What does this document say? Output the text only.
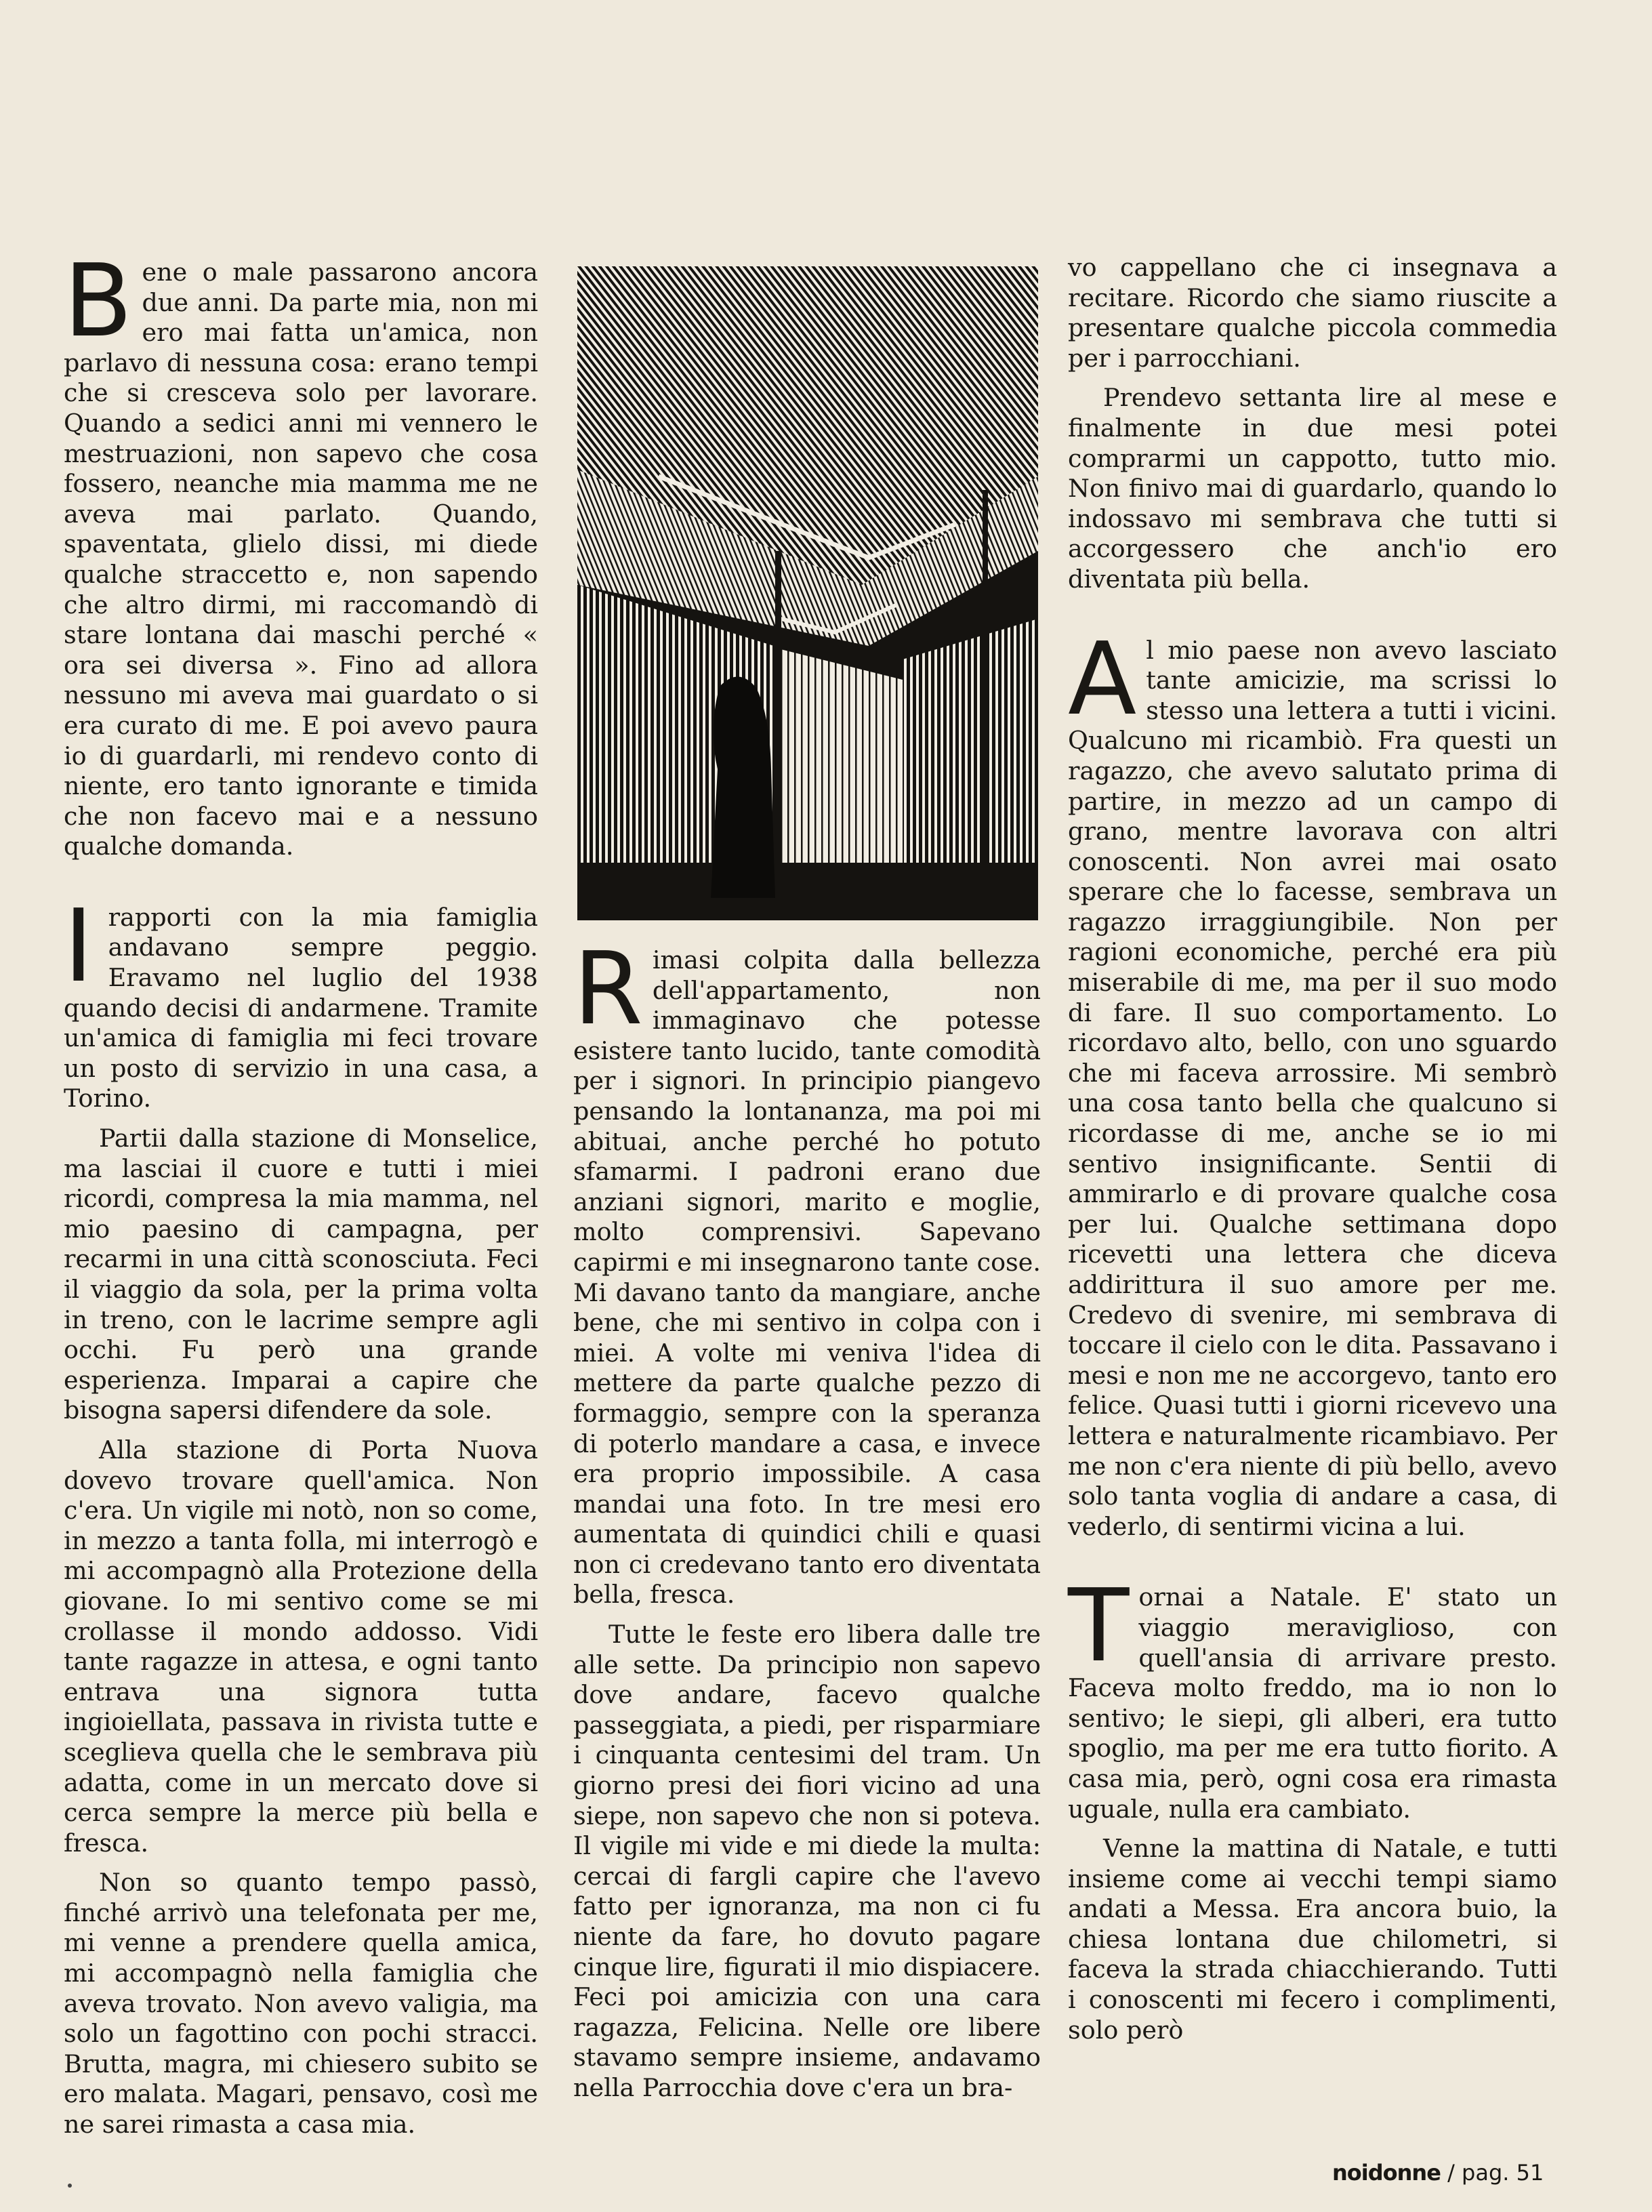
Bene o male passarono ancora due anni. Da parte mia, non mi ero mai fatta un'amica, non parlavo di nessuna cosa: erano tempi che si cresceva solo per lavorare. Quando a sedici anni mi vennero le mestruazioni, non sapevo che cosa fossero, neanche mia mamma me ne aveva mai parlato. Quando, spaventata, glielo dissi, mi diede qualche straccetto e, non sapendo che altro dirmi, mi raccomandò di stare lontana dai maschi perché « ora sei diversa ». Fino ad allora nessuno mi aveva mai guardato o si era curato di me. E poi avevo paura io di guardarli, mi rendevo conto di niente, ero tanto ignorante e timida che non facevo mai e a nessuno qualche domanda.

Irapporti con la mia famiglia andavano sempre peggio. Eravamo nel luglio del 1938 quando decisi di andarmene. Tramite un'amica di famiglia mi feci trovare un posto di servizio in una casa, a Torino.

Partii dalla stazione di Monselice, ma lasciai il cuore e tutti i miei ricordi, compresa la mia mamma, nel mio paesino di campagna, per recarmi in una città sconosciuta. Feci il viaggio da sola, per la prima volta in treno, con le lacrime sempre agli occhi. Fu però una grande esperienza. Imparai a capire che bisogna sapersi difendere da sole.

Alla stazione di Porta Nuova dovevo trovare quell'amica. Non c'era. Un vigile mi notò, non so come, in mezzo a tanta folla, mi interrogò e mi accompagnò alla Protezione della giovane. Io mi sentivo come se mi crollasse il mondo addosso. Vidi tante ragazze in attesa, e ogni tanto entrava una signora tutta ingioiellata, passava in rivista tutte e sceglieva quella che le sembrava più adatta, come in un mercato dove si cerca sempre la merce più bella e fresca.

Non so quanto tempo passò, finché arrivò una telefonata per me, mi venne a prendere quella amica, mi accompagnò nella famiglia che aveva trovato. Non avevo valigia, ma solo un fagottino con pochi stracci. Brutta, magra, mi chiesero subito se ero malata. Magari, pensavo, così me ne sarei rimasta a casa mia.

Rimasi colpita dalla bellezza dell'appartamento, non immaginavo che potesse esistere tanto lucido, tante comodità per i signori. In principio piangevo pensando la lontananza, ma poi mi abituai, anche perché ho potuto sfamarmi. I padroni erano due anziani signori, marito e moglie, molto comprensivi. Sapevano capirmi e mi insegnarono tante cose. Mi davano tanto da mangiare, anche bene, che mi sentivo in colpa con i miei. A volte mi veniva l'idea di mettere da parte qualche pezzo di formaggio, sempre con la speranza di poterlo mandare a casa, e invece era proprio impossibile. A casa mandai una foto. In tre mesi ero aumentata di quindici chili e quasi non ci credevano tanto ero diventata bella, fresca.

Tutte le feste ero libera dalle tre alle sette. Da principio non sapevo dove andare, facevo qualche passeggiata, a piedi, per risparmiare i cinquanta centesimi del tram. Un giorno presi dei fiori vicino ad una siepe, non sapevo che non si poteva. Il vigile mi vide e mi diede la multa: cercai di fargli capire che l'avevo fatto per ignoranza, ma non ci fu niente da fare, ho dovuto pagare cinque lire, figurati il mio dispiacere. Feci poi amicizia con una cara ragazza, Felicina. Nelle ore libere stavamo sempre insieme, andavamo nella Parrocchia dove c'era un bra-

vo cappellano che ci insegnava a recitare. Ricordo che siamo riuscite a presentare qualche piccola commedia per i parrocchiani.

Prendevo settanta lire al mese e finalmente in due mesi potei comprarmi un cappotto, tutto mio. Non finivo mai di guardarlo, quando lo indossavo mi sembrava che tutti si accorgessero che anch'io ero diventata più bella.

Al mio paese non avevo lasciato tante amicizie, ma scrissi lo stesso una lettera a tutti i vicini. Qualcuno mi ricambiò. Fra questi un ragazzo, che avevo salutato prima di partire, in mezzo ad un campo di grano, mentre lavorava con altri conoscenti. Non avrei mai osato sperare che lo facesse, sembrava un ragazzo irraggiungibile. Non per ragioni economiche, perché era più miserabile di me, ma per il suo modo di fare. Il suo comportamento. Lo ricordavo alto, bello, con uno sguardo che mi faceva arrossire. Mi sembrò una cosa tanto bella che qualcuno si ricordasse di me, anche se io mi sentivo insignificante. Sentii di ammirarlo e di provare qualche cosa per lui. Qualche settimana dopo ricevetti una lettera che diceva addirittura il suo amore per me. Credevo di svenire, mi sembrava di toccare il cielo con le dita. Passavano i mesi e non me ne accorgevo, tanto ero felice. Quasi tutti i giorni ricevevo una lettera e naturalmente ricambiavo. Per me non c'era niente di più bello, avevo solo tanta voglia di andare a casa, di vederlo, di sentirmi vicina a lui.

Tornai a Natale. E' stato un viaggio meraviglioso, con quell'ansia di arrivare presto. Faceva molto freddo, ma io non lo sentivo; le siepi, gli alberi, era tutto spoglio, ma per me era tutto fiorito. A casa mia, però, ogni cosa era rimasta uguale, nulla era cambiato.

Venne la mattina di Natale, e tutti insieme come ai vecchi tempi siamo andati a Messa. Era ancora buio, la chiesa lontana due chilometri, si faceva la strada chiacchierando. Tutti i conoscenti mi fecero i complimenti, solo però

noidonne / pag. 51
